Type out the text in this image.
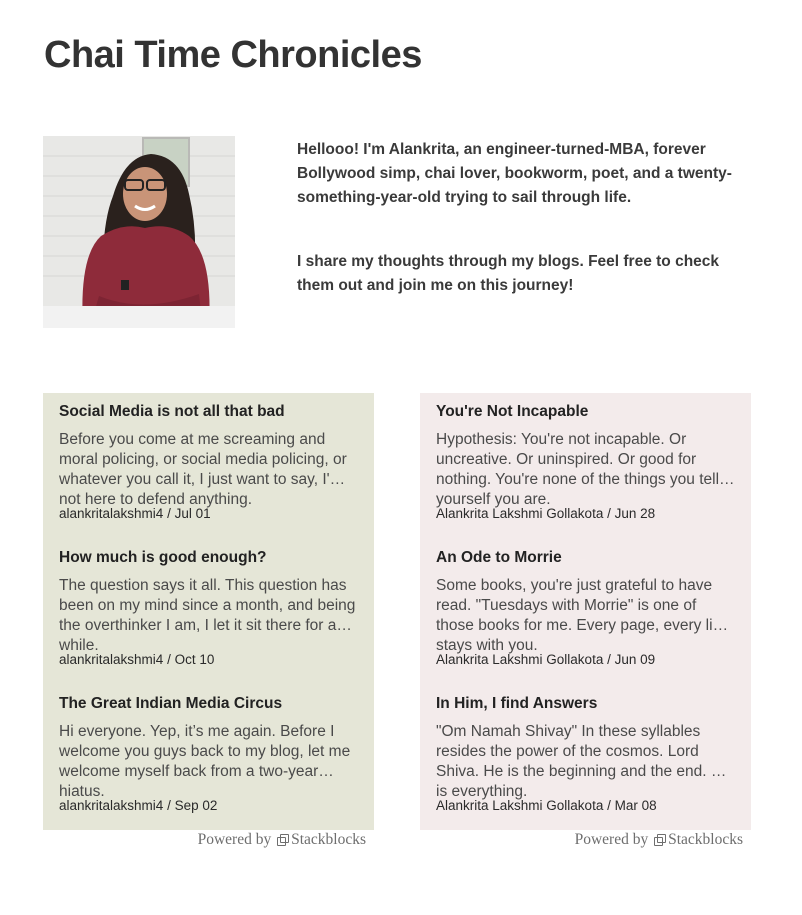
Chai Time Chronicles

Hellooo! I'm Alankrita, an engineer-turned-MBA, forever Bollywood simp, chai lover, bookworm, poet, and a twenty-something-year-old trying to sail through life.

I share my thoughts through my blogs. Feel free to check them out and join me on this journey!

Social Media is not all that bad

Before you come at me screaming and moral policing, or social media policing, or whatever you call it, I just want to say, I'm not here to defend anything.

alankritalakshmi4 / Jul 01
How much is good enough?

The question says it all. This question has been on my mind since a month, and being the overthinker I am, I let it sit there for a while.

alankritalakshmi4 / Oct 10
The Great Indian Media Circus

Hi everyone. Yep, it’s me again. Before I welcome you guys back to my blog, let me welcome myself back from a two-year hiatus.

alankritalakshmi4 / Sep 02
Powered by Stackblocks
You're Not Incapable

Hypothesis: You're not incapable. Or uncreative. Or uninspired. Or good for nothing. You're none of the things you tell yourself you are.

Alankrita Lakshmi Gollakota / Jun 28
An Ode to Morrie

Some books, you're just grateful to have read. "Tuesdays with Morrie" is one of those books for me. Every page, every line stays with you.

Alankrita Lakshmi Gollakota / Jun 09
In Him, I find Answers

"Om Namah Shivay" In these syllables resides the power of the cosmos. Lord Shiva. He is the beginning and the end. He is everything.

Alankrita Lakshmi Gollakota / Mar 08
Powered by Stackblocks
